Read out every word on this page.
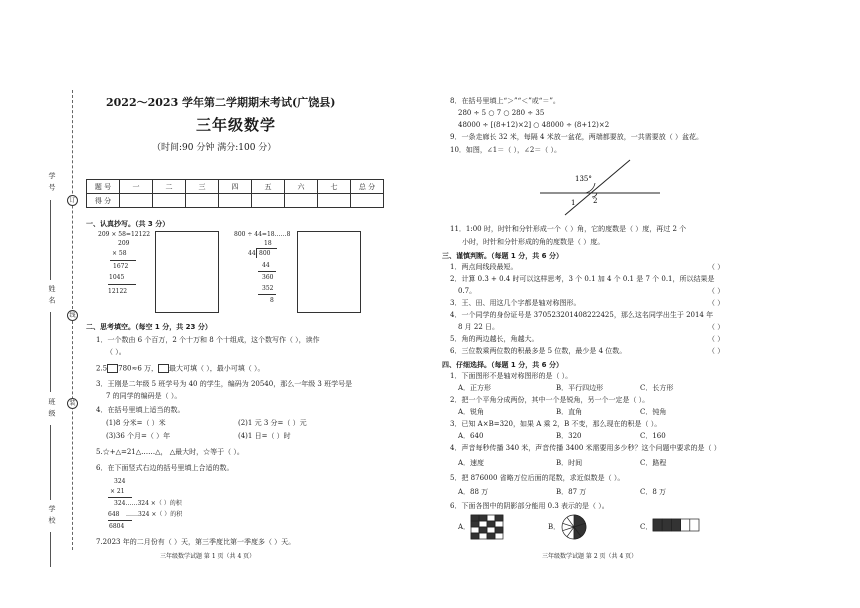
学 号
姓 名
班 级
学 校
订
线
装
2022～2023 学年第二学期期末考试(广饶县)
三年级数学
（时间:90 分钟 满分:100 分）
题 号	一	二	三	四	五	六	七	总 分
得 分								
一、认真抄写。（共 3 分）
209 × 58=12122
209
× 58
1672
1045
12122
800 ÷ 44=18……8
18
44 800
44
360
352
8
二、思考填空。（每空 1 分，共 23 分）
1．一个数由 6 个百万，2 个十万和 8 个十组成，这个数写作（ ），读作
（ ）。
2.5 780≈6 万， 最大可填（ ），最小可填（ ）。
3．王刚是二年级 5 班学号为 40 的学生，编码为 20540，那么一年级 3 班学号是
7 的同学的编码是（ ）。
4．在括号里填上适当的数。
(1)8 分米=（ ）米	(2)1 元 3 分=（ ）元
(3)36 个月=（ ）年	(4)1 日=（ ）时
5.☆+△=21△……△， △最大时，☆等于（ ）。
6．在下面竖式右边的括号里填上合适的数。
324
× 21
324……324 ×（ ）的积
648 ……324 ×（ ）的积
6804
7.2023 年的二月份有（ ）天，第三季度比第一季度多（ ）天。
三年级数学试题 第 1 页（共 4 页）
8．在括号里填上“＞”“＜”或“＝”。
280 ÷ 5 ○ 7 ○ 280 ÷ 35
48000 ÷ [(8+12)×2] ○ 48000 ÷ (8+12)×2
9．一条走廊长 32 米，每隔 4 米放一盆花，两端都要放，一共需要放（ ）盆花。
10．如图，∠1＝（ ），∠2＝（ ）。
135°
1	2
11．1:00 时，时针和分针形成一个（ ）角，它的度数是（ ）度，再过 2 个
小时，时针和分针形成的角的度数是（ ）度。
三、谨慎判断。（每题 1 分，共 6 分）
1．两点间线段最短。	（ ）
2．计算 0.3 + 0.4 时可以这样思考，3 个 0.1 加 4 个 0.1 是 7 个 0.1，所以结果是
0.7。	（ ）
3．王、田、用这几个字都是轴对称图形。	（ ）
4．一个同学的身份证号是 370523201408222425，那么这名同学出生于 2014 年
8 月 22 日。	（ ）
5．角的两边越长，角越大。	（ ）
6．三位数乘两位数的积最多是 5 位数，最少是 4 位数。	（ ）
四、仔细选择。（每题 1 分，共 6 分）
1．下面图形不是轴对称图形的是（ ）。
A．正方形	B．平行四边形	C．长方形
2．把一个平角分成两份，其中一个是锐角，另一个一定是（ ）。
A．锐角	B．直角	C．钝角
3．已知 A×B=320，如果 A 乘 2，B 不变，那么现在的积是（ ）。
A．640	B．320	C．160
4．声音每秒传播 340 米，声音传播 3400 米需要用多少秒？这个问题中要求的是（ ）
A．速度	B．时间	C．路程
5．把 876000 省略万位后面的尾数，求近似数是（ ）。
A．88 万	B．87 万	C．8 万
6．下面各图中的阴影部分能用 0.3 表示的是（ ）。
A．	B．	C．
三年级数学试题 第 2 页（共 4 页）
